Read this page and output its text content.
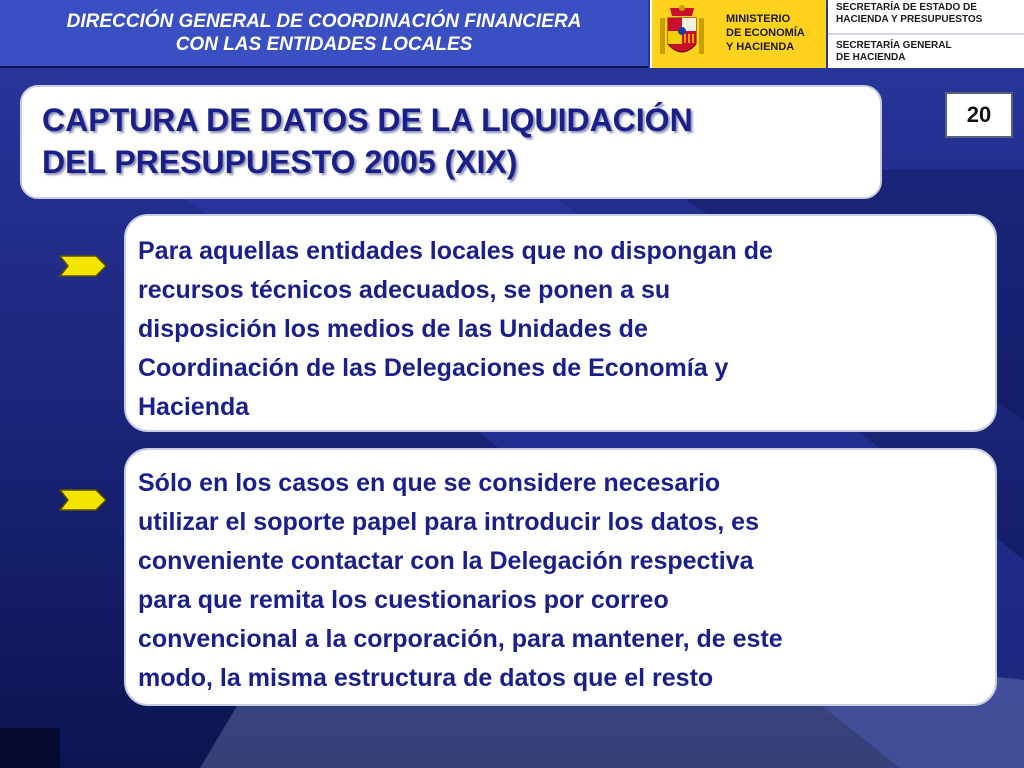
DIRECCIÓN GENERAL DE COORDINACIÓN FINANCIERA
CON LAS ENTIDADES LOCALES
MINISTERIO
DE ECONOMÍA
Y HACIENDA
SECRETARÍA DE ESTADO DE
HACIENDA Y PRESUPUESTOS
SECRETARÍA GENERAL
DE HACIENDA
CAPTURA DE DATOS DE LA LIQUIDACIÓN
DEL PRESUPUESTO 2005 (XIX)
20
Para aquellas entidades locales que no dispongan de
recursos técnicos adecuados, se ponen a su
disposición los medios de las Unidades de
Coordinación de las Delegaciones de Economía y
Hacienda
Sólo en los casos en que se considere necesario
utilizar el soporte papel para introducir los datos, es
conveniente contactar con la Delegación respectiva
para que remita los cuestionarios por correo
convencional a la corporación, para mantener, de este
modo, la misma estructura de datos que el resto
